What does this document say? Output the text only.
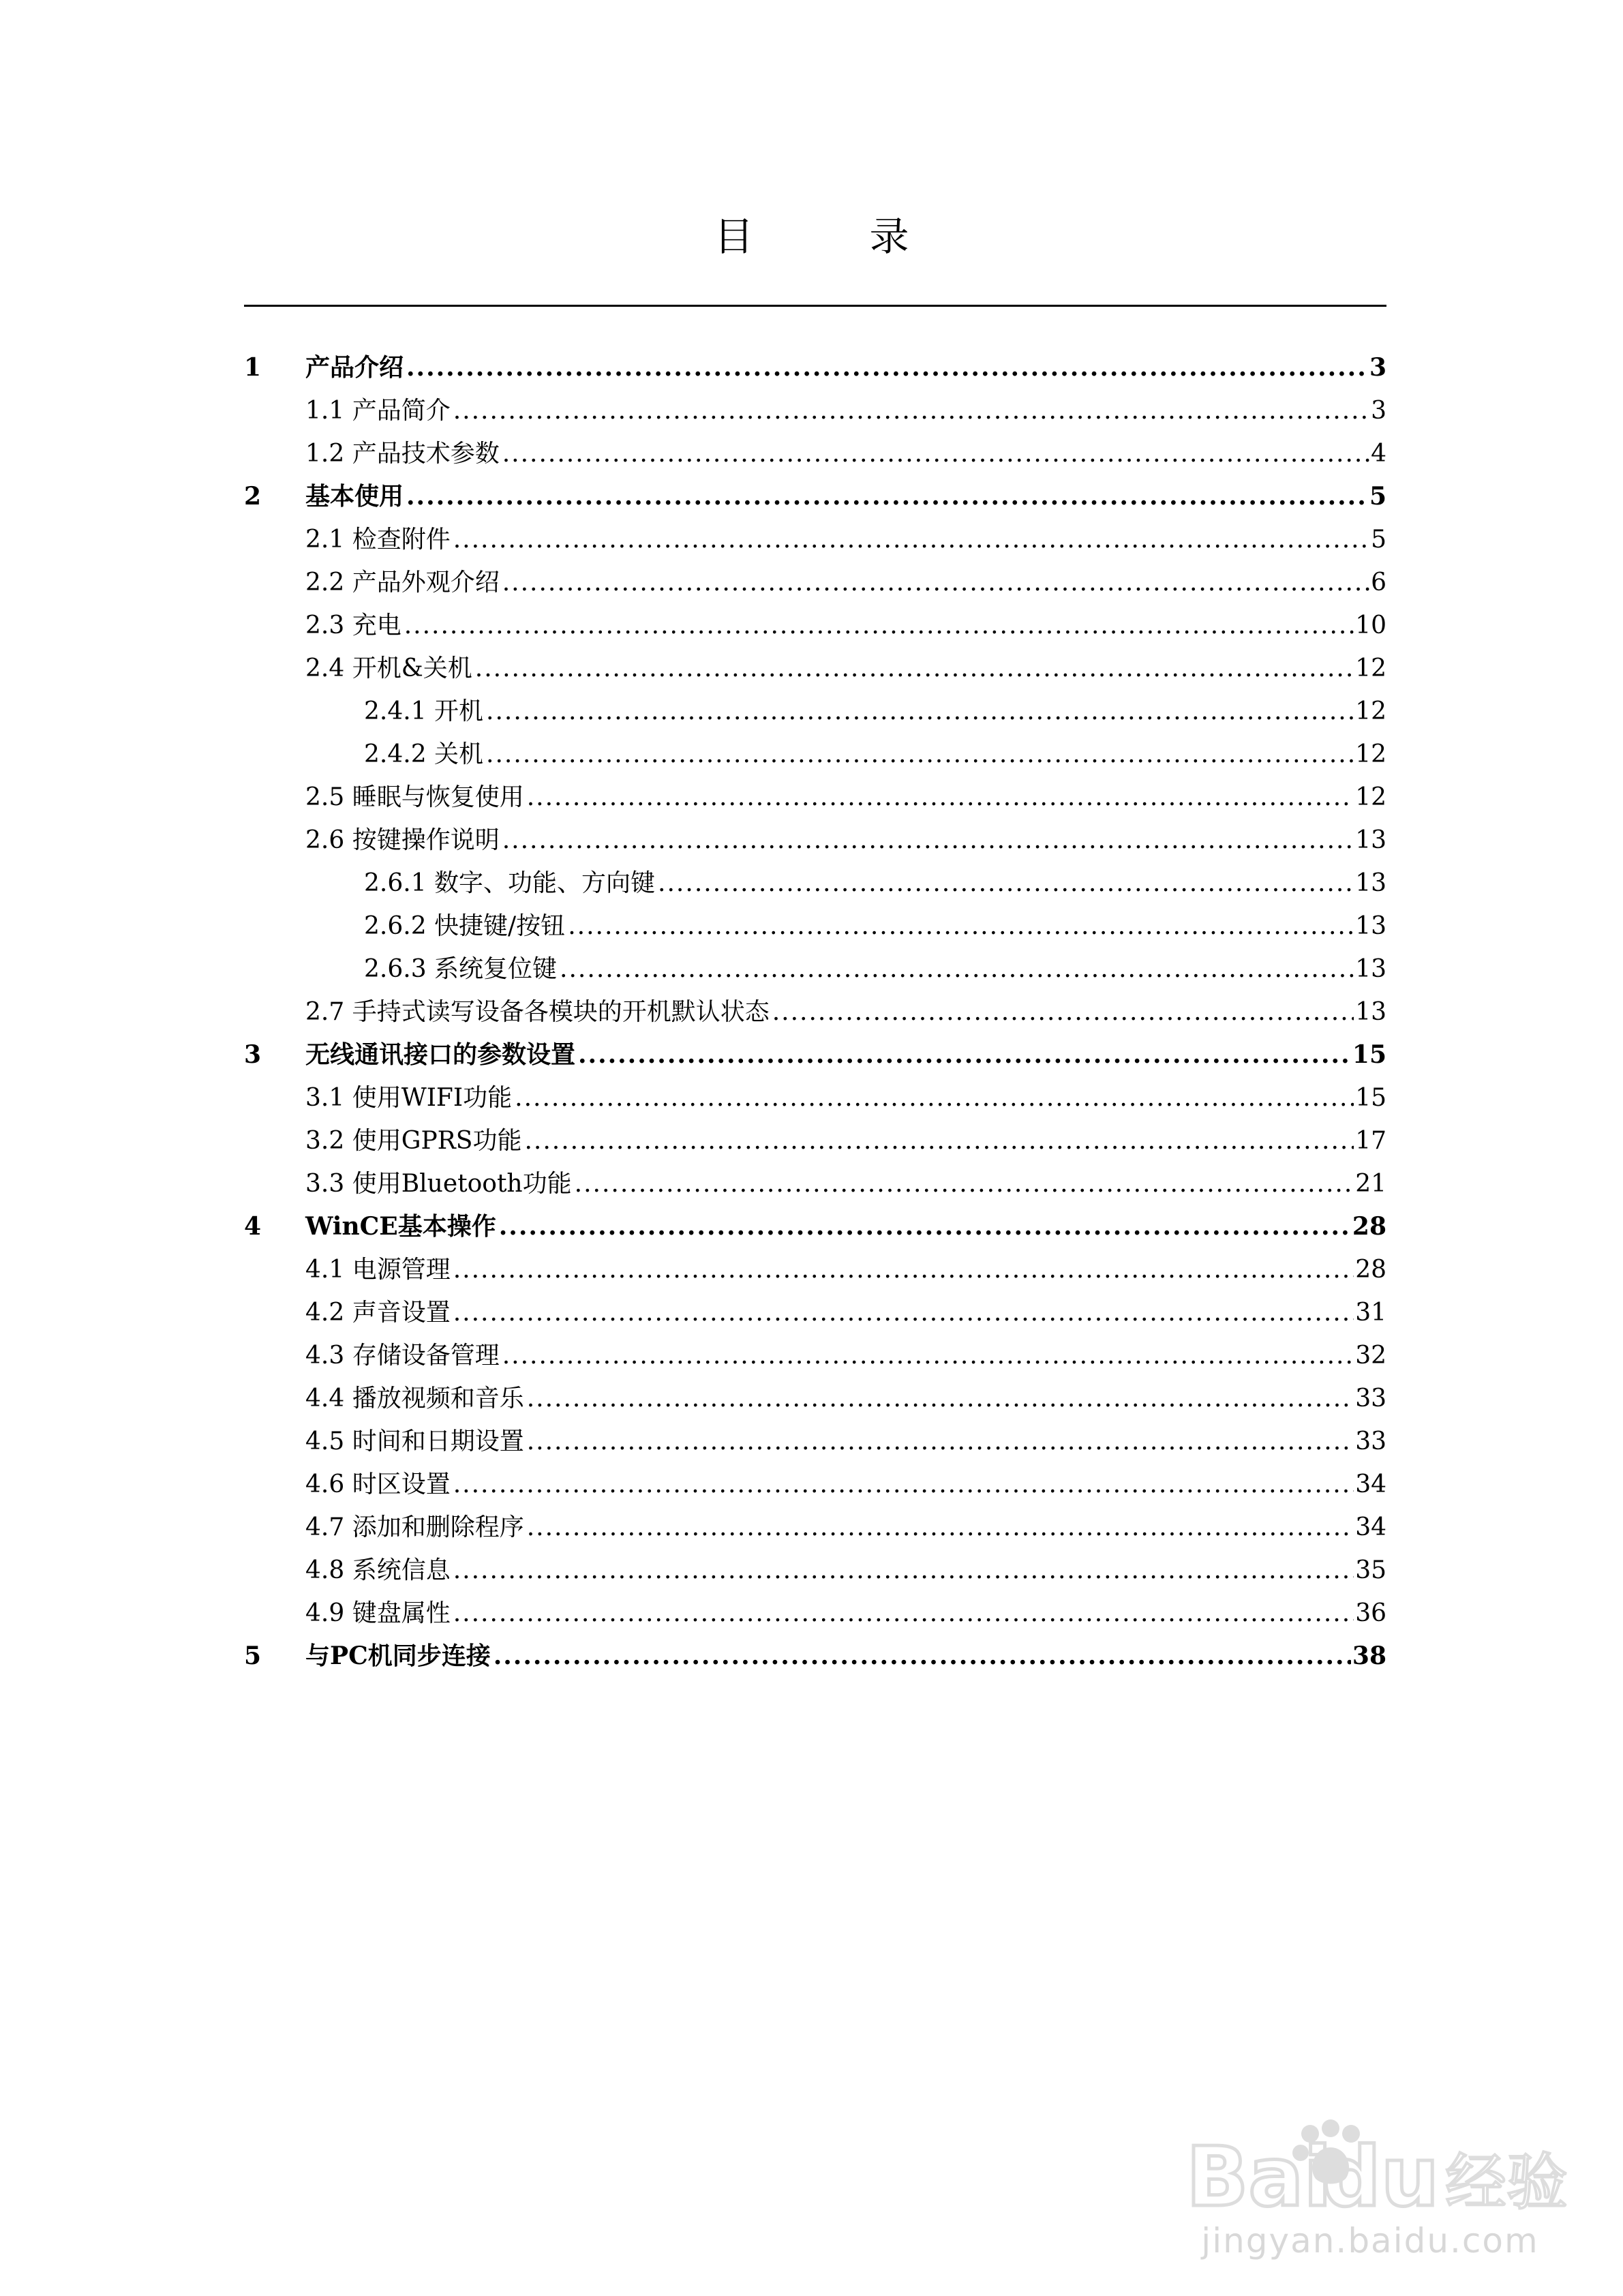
目　录
1 产品介绍 .....	3
1.1 产品简介 .....	3
1.2 产品技术参数 .....	4
2 基本使用 .....	5
2.1 检查附件 .....	5
2.2 产品外观介绍 .....	6
2.3 充电 .....	10
2.4 开机&关机 .....	12
2.4.1 开机 .....	12
2.4.2 关机 .....	12
2.5 睡眠与恢复使用 .....	12
2.6 按键操作说明 .....	13
2.6.1 数字、功能、方向键 .....	13
2.6.2 快捷键/按钮 .....	13
2.6.3 系统复位键 .....	13
2.7 手持式读写设备各模块的开机默认状态 .....	13
3 无线通讯接口的参数设置 .....	15
3.1 使用WIFI功能 .....	15
3.2 使用GPRS功能 .....	17
3.3 使用Bluetooth功能 .....	21
4 WinCE基本操作 .....	28
4.1 电源管理 .....	28
4.2 声音设置 .....	31
4.3 存储设备管理 .....	32
4.4 播放视频和音乐 .....	33
4.5 时间和日期设置 .....	33
4.6 时区设置 .....	34
4.7 添加和删除程序 .....	34
4.8 系统信息 .....	35
4.9 键盘属性 .....	36
5 与PC机同步连接 .....	38
Bai
du 经验
jingyan.baidu.com
